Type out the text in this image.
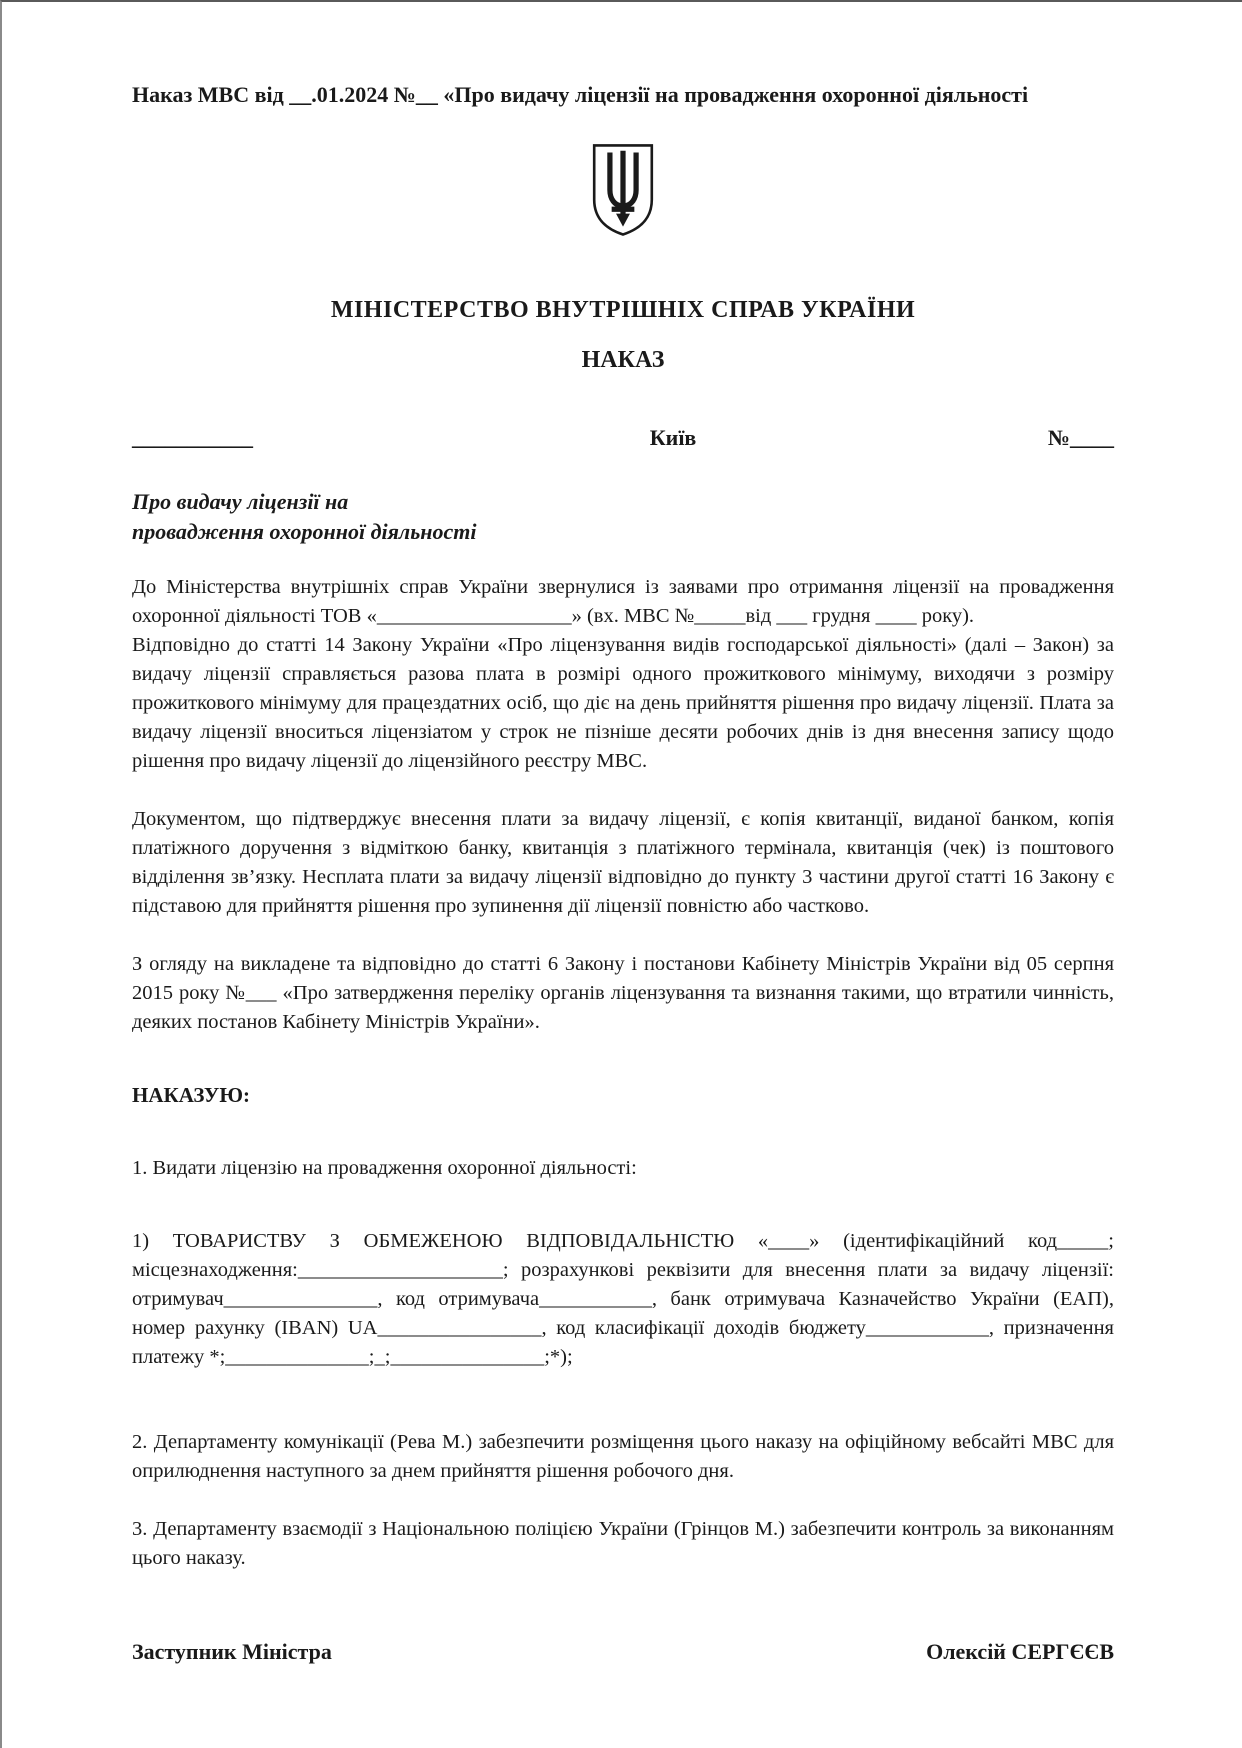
Наказ МВС від __.01.2024 №__ «Про видачу ліцензії на провадження охоронної діяльності

МІНІСТЕРСТВО ВНУТРІШНІХ СПРАВ УКРАЇНИ

НАКАЗ

___________	Київ	№____
Про видачу ліцензії на
провадження охоронної діяльності

До Міністерства внутрішніх справ України звернулися із заявами про отримання ліцензії на провадження охоронної діяльності ТОВ «___________________» (вх. МВС №_____від ___ грудня ____ року).

Відповідно до статті 14 Закону України «Про ліцензування видів господарської діяльності» (далі – Закон) за видачу ліцензії справляється разова плата в розмірі одного прожиткового мінімуму, виходячи з розміру прожиткового мінімуму для працездатних осіб, що діє на день прийняття рішення про видачу ліцензії. Плата за видачу ліцензії вноситься ліцензіатом у строк не пізніше десяти робочих днів із дня внесення запису щодо рішення про видачу ліцензії до ліцензійного реєстру МВС.

Документом, що підтверджує внесення плати за видачу ліцензії, є копія квитанції, виданої банком, копія платіжного доручення з відміткою банку, квитанція з платіжного термінала, квитанція (чек) із поштового відділення зв’язку. Несплата плати за видачу ліцензії відповідно до пункту 3 частини другої статті 16 Закону є підставою для прийняття рішення про зупинення дії ліцензії повністю або частково.

З огляду на викладене та відповідно до статті 6 Закону і постанови Кабінету Міністрів України від 05 серпня 2015 року №___ «Про затвердження переліку органів ліцензування та визнання такими, що втратили чинність, деяких постанов Кабінету Міністрів України».

НАКАЗУЮ:

1. Видати ліцензію на провадження охоронної діяльності:

1) ТОВАРИСТВУ З ОБМЕЖЕНОЮ ВІДПОВІДАЛЬНІСТЮ «____» (ідентифікаційний код_____; місцезнаходження:____________________; розрахункові реквізити для внесення плати за видачу ліцензії: отримувач_______________, код отримувача___________, банк отримувача Казначейство України (ЕАП), номер рахунку (IBAN) UA________________, код класифікації доходів бюджету____________, призначення платежу *;______________;_;_______________;*);

2. Департаменту комунікації (Рева М.) забезпечити розміщення цього наказу на офіційному вебсайті МВС для оприлюднення наступного за днем прийняття рішення робочого дня.

3. Департаменту взаємодії з Національною поліцією України (Грінцов М.) забезпечити контроль за виконанням цього наказу.

Заступник Міністра	Олексій СЕРГЄЄВ
